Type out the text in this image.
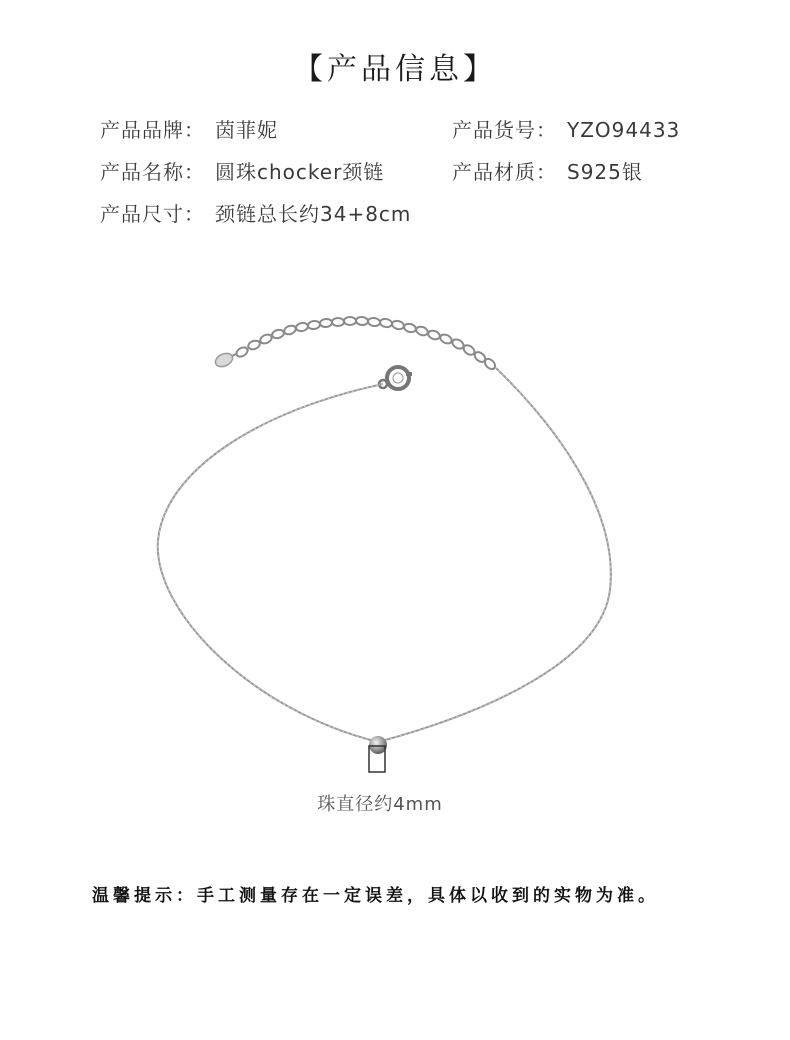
【产品信息】
产品品牌： 茵菲妮	产品货号： YZO94433
产品名称： 圆珠chocker颈链	产品材质： S925银
产品尺寸： 颈链总长约34+8cm
珠直径约4mm
温馨提示：手工测量存在一定误差，具体以收到的实物为准。
